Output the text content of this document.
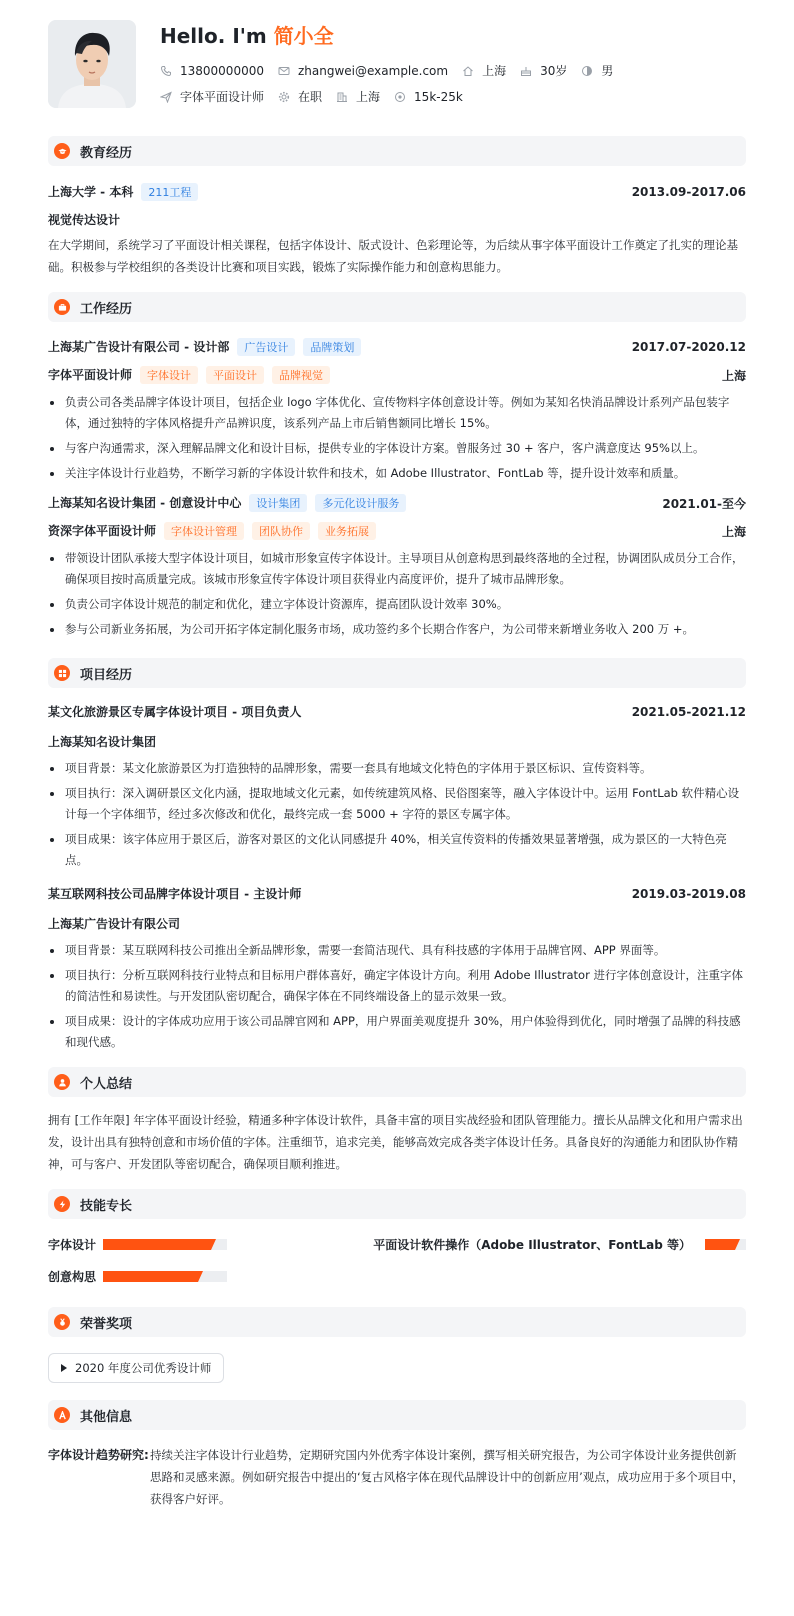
Hello. I'm 简小全
13800000000	zhangwei@example.com	上海	30岁	男
字体平面设计师	在职	上海	15k-25k
教育经历
上海大学 - 本科 211工程	2013.09-2017.06
视觉传达设计
在大学期间，系统学习了平面设计相关课程，包括字体设计、版式设计、色彩理论等，为后续从事字体平面设计工作奠定了扎实的理论基础。积极参与学校组织的各类设计比赛和项目实践，锻炼了实际操作能力和创意构思能力。
工作经历
上海某广告设计有限公司 - 设计部 广告设计 品牌策划	2017.07-2020.12
字体平面设计师 字体设计 平面设计 品牌视觉	上海
负责公司各类品牌字体设计项目，包括企业 logo 字体优化、宣传物料字体创意设计等。例如为某知名快消品牌设计系列产品包装字体，通过独特的字体风格提升产品辨识度，该系列产品上市后销售额同比增长 15%。
与客户沟通需求，深入理解品牌文化和设计目标，提供专业的字体设计方案。曾服务过 30 + 客户，客户满意度达 95%以上。
关注字体设计行业趋势，不断学习新的字体设计软件和技术，如 Adobe Illustrator、FontLab 等，提升设计效率和质量。
上海某知名设计集团 - 创意设计中心 设计集团 多元化设计服务	2021.01-至今
资深字体平面设计师 字体设计管理 团队协作 业务拓展	上海
带领设计团队承接大型字体设计项目，如城市形象宣传字体设计。主导项目从创意构思到最终落地的全过程，协调团队成员分工合作，确保项目按时高质量完成。该城市形象宣传字体设计项目获得业内高度评价，提升了城市品牌形象。
负责公司字体设计规范的制定和优化，建立字体设计资源库，提高团队设计效率 30%。
参与公司新业务拓展，为公司开拓字体定制化服务市场，成功签约多个长期合作客户，为公司带来新增业务收入 200 万 +。
项目经历
某文化旅游景区专属字体设计项目 - 项目负责人	2021.05-2021.12
上海某知名设计集团
项目背景：某文化旅游景区为打造独特的品牌形象，需要一套具有地域文化特色的字体用于景区标识、宣传资料等。
项目执行：深入调研景区文化内涵，提取地域文化元素，如传统建筑风格、民俗图案等，融入字体设计中。运用 FontLab 软件精心设计每一个字体细节，经过多次修改和优化，最终完成一套 5000 + 字符的景区专属字体。
项目成果：该字体应用于景区后，游客对景区的文化认同感提升 40%，相关宣传资料的传播效果显著增强，成为景区的一大特色亮点。
某互联网科技公司品牌字体设计项目 - 主设计师	2019.03-2019.08
上海某广告设计有限公司
项目背景：某互联网科技公司推出全新品牌形象，需要一套简洁现代、具有科技感的字体用于品牌官网、APP 界面等。
项目执行：分析互联网科技行业特点和目标用户群体喜好，确定字体设计方向。利用 Adobe Illustrator 进行字体创意设计，注重字体的简洁性和易读性。与开发团队密切配合，确保字体在不同终端设备上的显示效果一致。
项目成果：设计的字体成功应用于该公司品牌官网和 APP，用户界面美观度提升 30%，用户体验得到优化，同时增强了品牌的科技感和现代感。
个人总结
拥有 [工作年限] 年字体平面设计经验，精通多种字体设计软件，具备丰富的项目实战经验和团队管理能力。擅长从品牌文化和用户需求出发，设计出具有独特创意和市场价值的字体。注重细节，追求完美，能够高效完成各类字体设计任务。具备良好的沟通能力和团队协作精神，可与客户、开发团队等密切配合，确保项目顺利推进。
技能专长
字体设计	平面设计软件操作（Adobe Illustrator、FontLab 等）
创意构思
荣誉奖项
2020 年度公司优秀设计师
其他信息
字体设计趋势研究: 持续关注字体设计行业趋势，定期研究国内外优秀字体设计案例，撰写相关研究报告，为公司字体设计业务提供创新思路和灵感来源。例如研究报告中提出的‘复古风格字体在现代品牌设计中的创新应用’观点，成功应用于多个项目中，获得客户好评。
